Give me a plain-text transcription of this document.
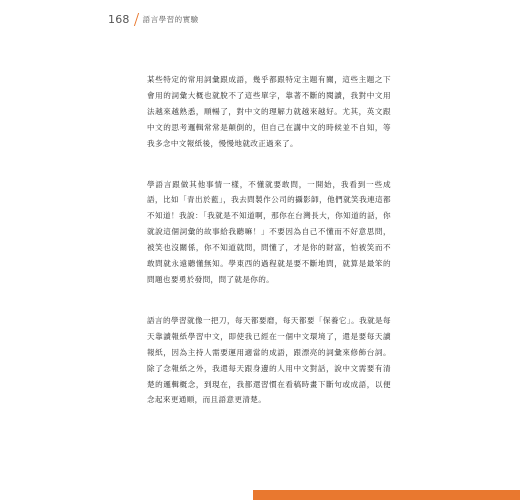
168 語言學習的實驗

某些特定的常用詞彙跟成語，幾乎都跟特定主題有關，這些主題之下會用的詞彙大概也就脫不了這些單字，靠著不斷的閱讀，我對中文用法越來越熟悉，順暢了，對中文的理解力就越來越好。尤其，英文跟中文的思考邏輯常常是顛倒的，但自己在講中文的時候並不自知，等我多念中文報紙後，慢慢地就改正過來了。

學語言跟做其他事情一樣，不懂就要敢問，一開始，我看到一些成語，比如「青出於藍」，我去問製作公司的攝影師，他們就笑我連這都不知道！我說：「我就是不知道啊，那你在台灣長大，你知道的話，你就說這個詞彙的故事給我聽嘛！」不要因為自己不懂而不好意思問，被笑也沒關係，你不知道就問，問懂了，才是你的財富，怕被笑而不敢問就永遠聽懂無知。學東西的過程就是要不斷地問，就算是最笨的問題也要勇於發問，問了就是你的。

語言的學習就像一把刀，每天都要磨，每天都要「保養它」。我就是每天靠讀報紙學習中文，即使我已經在一個中文環境了，還是要每天讀報紙，因為主持人需要運用適當的成語，跟漂亮的詞彙來修飾台詞。除了念報紙之外，我還每天跟身邊的人用中文對話，說中文需要有清楚的邏輯概念，到現在，我都還習慣在看稿時畫下斷句或成語，以便念起來更通順，而且語意更清楚。
